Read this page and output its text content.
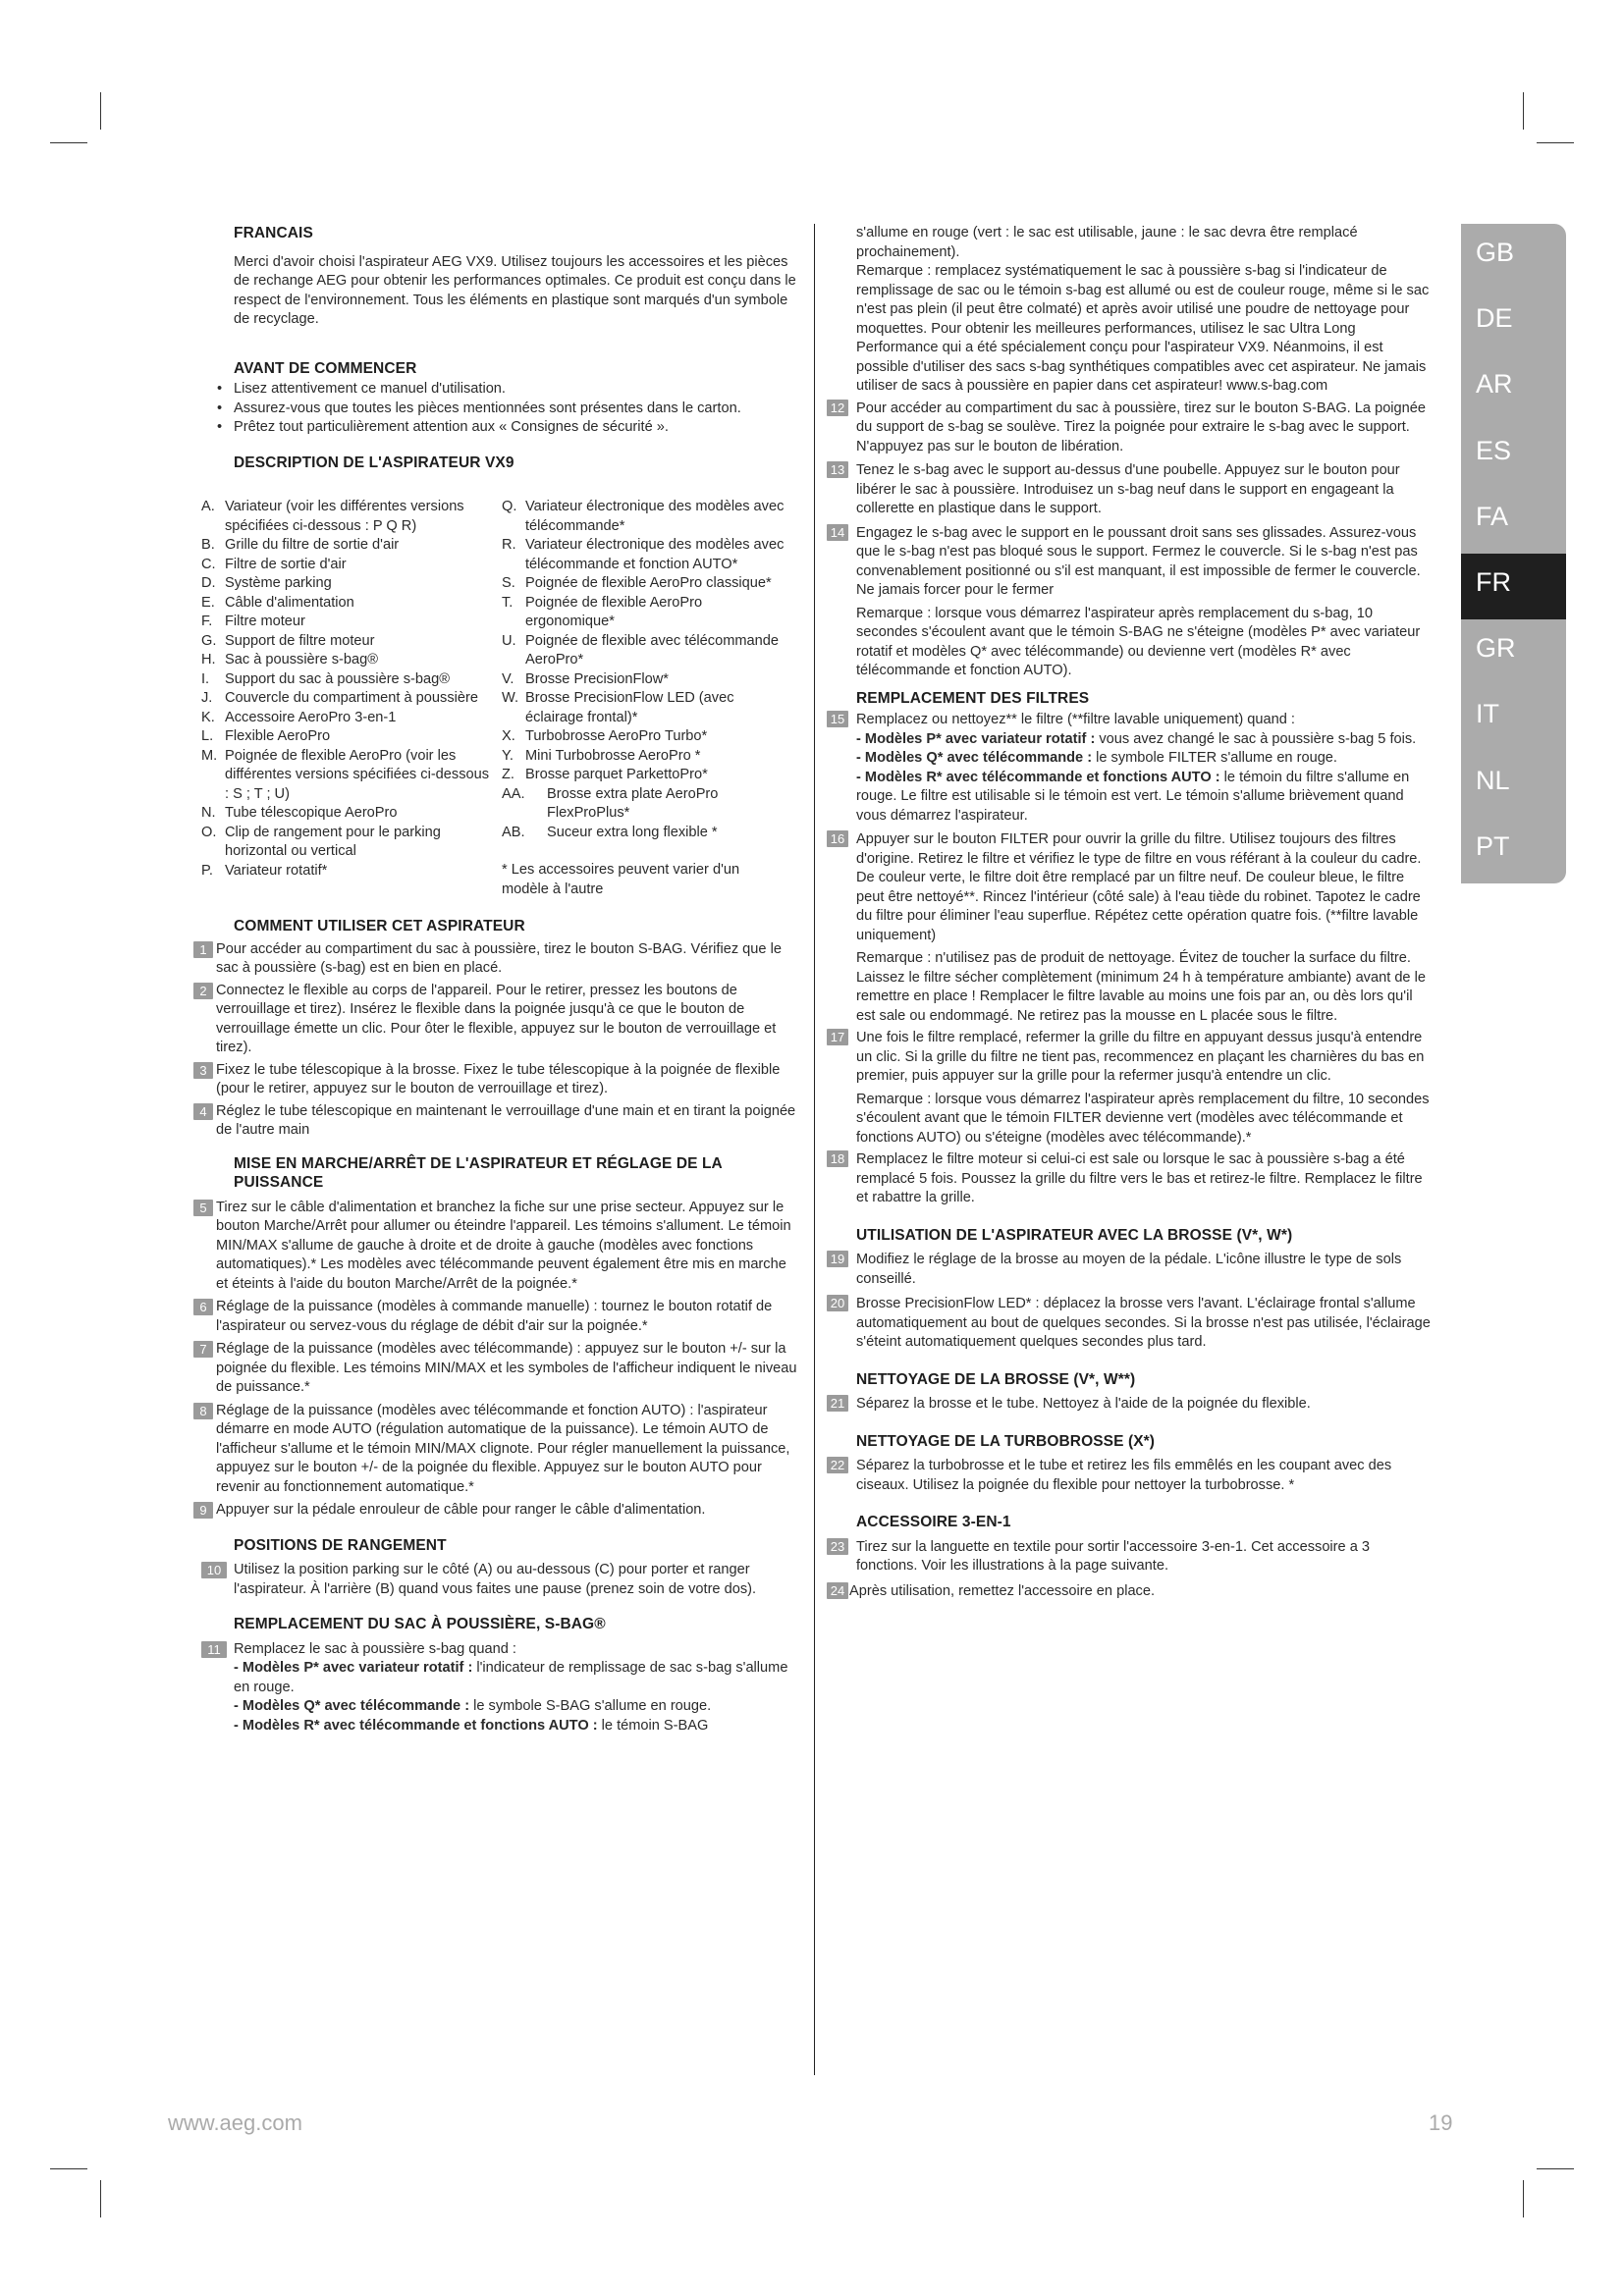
GB
DE
AR
ES
FA
FR
GR
IT
NL
PT
FRANCAIS

Merci d'avoir choisi l'aspirateur AEG VX9. Utilisez toujours les accessoires et les pièces de rechange AEG pour obtenir les performances optimales. Ce produit est conçu dans le respect de l'environnement. Tous les éléments en plastique sont marqués d'un symbole de recyclage.

AVANT DE COMMENCER
• Lisez attentivement ce manuel d'utilisation.
• Assurez-vous que toutes les pièces mentionnées sont présentes dans le carton.
• Prêtez tout particulièrement attention aux « Consignes de sécurité ».
DESCRIPTION DE L'ASPIRATEUR VX9
A. Variateur (voir les différentes versions spécifiées ci-dessous : P Q R)
B. Grille du filtre de sortie d'air
C. Filtre de sortie d'air
D. Système parking
E. Câble d'alimentation
F. Filtre moteur
G. Support de filtre moteur
H. Sac à poussière s-bag®
I.	Support du sac à poussière s-bag®
J. Couvercle du compartiment à poussière
K. Accessoire AeroPro 3-en-1
L. Flexible AeroPro
M. Poignée de flexible AeroPro (voir les différentes versions spécifiées ci-dessous : S ; T ; U)
N. Tube télescopique AeroPro
O. Clip de rangement pour le parking horizontal ou vertical
P. Variateur rotatif*
Q. Variateur électronique des modèles avec télécommande*
R. Variateur électronique des modèles avec télécommande et fonction AUTO*
S. Poignée de flexible AeroPro classique*
T. Poignée de flexible AeroPro ergonomique*
U. Poignée de flexible avec télécommande AeroPro*
V. Brosse PrecisionFlow*
W. Brosse PrecisionFlow LED (avec éclairage frontal)*
X. Turbobrosse AeroPro Turbo*
Y. Mini Turbobrosse AeroPro *
Z. Brosse parquet ParkettoPro*
AA.	Brosse extra plate AeroPro FlexProPlus*
AB.	Suceur extra long flexible *
* Les accessoires peuvent varier d'un modèle à l'autre
COMMENT UTILISER CET ASPIRATEUR
1 Pour accéder au compartiment du sac à poussière, tirez le bouton S-BAG. Vérifiez que le sac à poussière (s-bag) est en bien en placé.

2 Connectez le flexible au corps de l'appareil. Pour le retirer, pressez les boutons de verrouillage et tirez). Insérez le flexible dans la poignée jusqu'à ce que le bouton de verrouillage émette un clic. Pour ôter le flexible, appuyez sur le bouton de verrouillage et tirez).

3 Fixez le tube télescopique à la brosse. Fixez le tube télescopique à la poignée de flexible (pour le retirer, appuyez sur le bouton de verrouillage et tirez).

4 Réglez le tube télescopique en maintenant le verrouillage d'une main et en tirant la poignée de l'autre main

MISE EN MARCHE/ARRÊT DE L'ASPIRATEUR ET RÉGLAGE DE LA PUISSANCE
5 Tirez sur le câble d'alimentation et branchez la fiche sur une prise secteur. Appuyez sur le bouton Marche/Arrêt pour allumer ou éteindre l'appareil. Les témoins s'allument. Le témoin MIN/MAX s'allume de gauche à droite et de droite à gauche (modèles avec fonctions automatiques).* Les modèles avec télécommande peuvent également être mis en marche et éteints à l'aide du bouton Marche/Arrêt de la poignée.*

6 Réglage de la puissance (modèles à commande manuelle) : tournez le bouton rotatif de l'aspirateur ou servez-vous du réglage de débit d'air sur la poignée.*

7 Réglage de la puissance (modèles avec télécommande) : appuyez sur le bouton +/- sur la poignée du flexible. Les témoins MIN/MAX et les symboles de l'afficheur indiquent le niveau de puissance.*

8 Réglage de la puissance (modèles avec télécommande et fonction AUTO) : l'aspirateur démarre en mode AUTO (régulation automatique de la puissance). Le témoin AUTO de l'afficheur s'allume et le témoin MIN/MAX clignote. Pour régler manuellement la puissance, appuyez sur le bouton +/- de la poignée du flexible. Appuyez sur le bouton AUTO pour revenir au fonctionnement automatique.*

9 Appuyer sur la pédale enrouleur de câble pour ranger le câble d'alimentation.

POSITIONS DE RANGEMENT
10 Utilisez la position parking sur le côté (A) ou au-dessous (C) pour porter et ranger l'aspirateur. À l'arrière (B) quand vous faites une pause (prenez soin de votre dos).

REMPLACEMENT DU SAC À POUSSIÈRE, S-BAG®
11 Remplacez le sac à poussière s-bag quand :

- Modèles P* avec variateur rotatif : l'indicateur de remplissage de sac s-bag s'allume en rouge.

- Modèles Q* avec télécommande : le symbole S-BAG s'allume en rouge.

- Modèles R* avec télécommande et fonctions AUTO : le témoin S-BAG

s'allume en rouge (vert : le sac est utilisable, jaune : le sac devra être remplacé prochainement).

Remarque : remplacez systématiquement le sac à poussière s-bag si l'indicateur de remplissage de sac ou le témoin s-bag est allumé ou est de couleur rouge, même si le sac n'est pas plein (il peut être colmaté) et après avoir utilisé une poudre de nettoyage pour moquettes. Pour obtenir les meilleures performances, utilisez le sac Ultra Long Performance qui a été spécialement conçu pour l'aspirateur VX9. Néanmoins, il est possible d'utiliser des sacs s-bag synthétiques compatibles avec cet aspirateur. Ne jamais utiliser de sacs à poussière en papier dans cet aspirateur! www.s-bag.com

12 Pour accéder au compartiment du sac à poussière, tirez sur le bouton S-BAG. La poignée du support de s-bag se soulève. Tirez la poignée pour extraire le s-bag avec le support. N'appuyez pas sur le bouton de libération.

13 Tenez le s-bag avec le support au-dessus d'une poubelle. Appuyez sur le bouton pour libérer le sac à poussière. Introduisez un s-bag neuf dans le support en engageant la collerette en plastique dans le support.

14 Engagez le s-bag avec le support en le poussant droit sans ses glissades. Assurez-vous que le s-bag n'est pas bloqué sous le support. Fermez le couvercle. Si le s-bag n'est pas convenablement positionné ou s'il est manquant, il est impossible de fermer le couvercle. Ne jamais forcer pour le fermer

Remarque : lorsque vous démarrez l'aspirateur après remplacement du s-bag, 10 secondes s'écoulent avant que le témoin S-BAG ne s'éteigne (modèles P* avec variateur rotatif et modèles Q* avec télécommande) ou devienne vert (modèles R* avec télécommande et fonction AUTO).

REMPLACEMENT DES FILTRES
15 Remplacez ou nettoyez** le filtre (**filtre lavable uniquement) quand :

- Modèles P* avec variateur rotatif : vous avez changé le sac à poussière s-bag 5 fois.

- Modèles Q* avec télécommande : le symbole FILTER s'allume en rouge.

- Modèles R* avec télécommande et fonctions AUTO : le témoin du filtre s'allume en rouge. Le filtre est utilisable si le témoin est vert. Le témoin s'allume brièvement quand vous démarrez l'aspirateur.

16 Appuyer sur le bouton FILTER pour ouvrir la grille du filtre. Utilisez toujours des filtres d'origine. Retirez le filtre et vérifiez le type de filtre en vous référant à la couleur du cadre. De couleur verte, le filtre doit être remplacé par un filtre neuf. De couleur bleue, le filtre peut être nettoyé**. Rincez l'intérieur (côté sale) à l'eau tiède du robinet. Tapotez le cadre du filtre pour éliminer l'eau superflue. Répétez cette opération quatre fois. (**filtre lavable uniquement)

Remarque : n'utilisez pas de produit de nettoyage. Évitez de toucher la surface du filtre. Laissez le filtre sécher complètement (minimum 24 h à température ambiante) avant de le remettre en place ! Remplacer le filtre lavable au moins une fois par an, ou dès lors qu'il est sale ou endommagé. Ne retirez pas la mousse en L placée sous le filtre.

17 Une fois le filtre remplacé, refermer la grille du filtre en appuyant dessus jusqu'à entendre un clic. Si la grille du filtre ne tient pas, recommencez en plaçant les charnières du bas en premier, puis appuyer sur la grille pour la refermer jusqu'à entendre un clic.

Remarque : lorsque vous démarrez l'aspirateur après remplacement du filtre, 10 secondes s'écoulent avant que le témoin FILTER devienne vert (modèles avec télécommande et fonctions AUTO) ou s'éteigne (modèles avec télécommande).*

18 Remplacez le filtre moteur si celui-ci est sale ou lorsque le sac à poussière s-bag a été remplacé 5 fois. Poussez la grille du filtre vers le bas et retirez-le filtre. Remplacez le filtre et rabattre la grille.

UTILISATION DE L'ASPIRATEUR AVEC LA BROSSE (V*, W*)
19 Modifiez le réglage de la brosse au moyen de la pédale. L'icône illustre le type de sols conseillé.

20 Brosse PrecisionFlow LED* : déplacez la brosse vers l'avant. L'éclairage frontal s'allume automatiquement au bout de quelques secondes. Si la brosse n'est pas utilisée, l'éclairage s'éteint automatiquement quelques secondes plus tard.

NETTOYAGE DE LA BROSSE (V*, W**)
21 Séparez la brosse et le tube. Nettoyez à l'aide de la poignée du flexible.

NETTOYAGE DE LA TURBOBROSSE (X*)
22 Séparez la turbobrosse et le tube et retirez les fils emmêlés en les coupant avec des ciseaux. Utilisez la poignée du flexible pour nettoyer la turbobrosse. *

ACCESSOIRE 3-EN-1
23 Tirez sur la languette en textile pour sortir l'accessoire 3-en-1. Cet accessoire a 3 fonctions. Voir les illustrations à la page suivante.

24 Après utilisation, remettez l'accessoire en place.

www.aeg.com	19
